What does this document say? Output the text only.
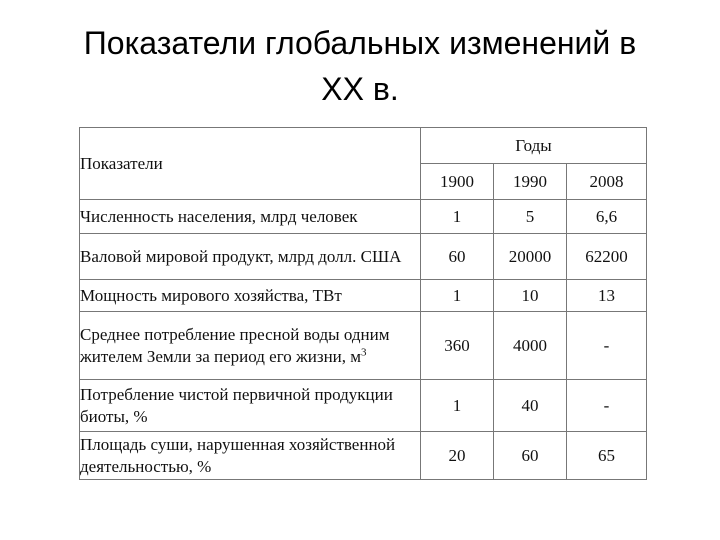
Показатели глобальных изменений в
XX в.
Показатели	Годы		
	1900	1990	2008
Численность населения, млрд человек	1	5	6,6
Валовой мировой продукт, млрд долл. США	60	20000	62200
Мощность мирового хозяйства, ТВт	1	10	13
Среднее потребление пресной воды одним жителем Земли за период его жизни, $м^3$	360	4000	-
Потребление чистой первичной продукции биоты, %	1	40	-
Площадь суши, нарушенная хозяйственной деятельностью, %	20	60	65
